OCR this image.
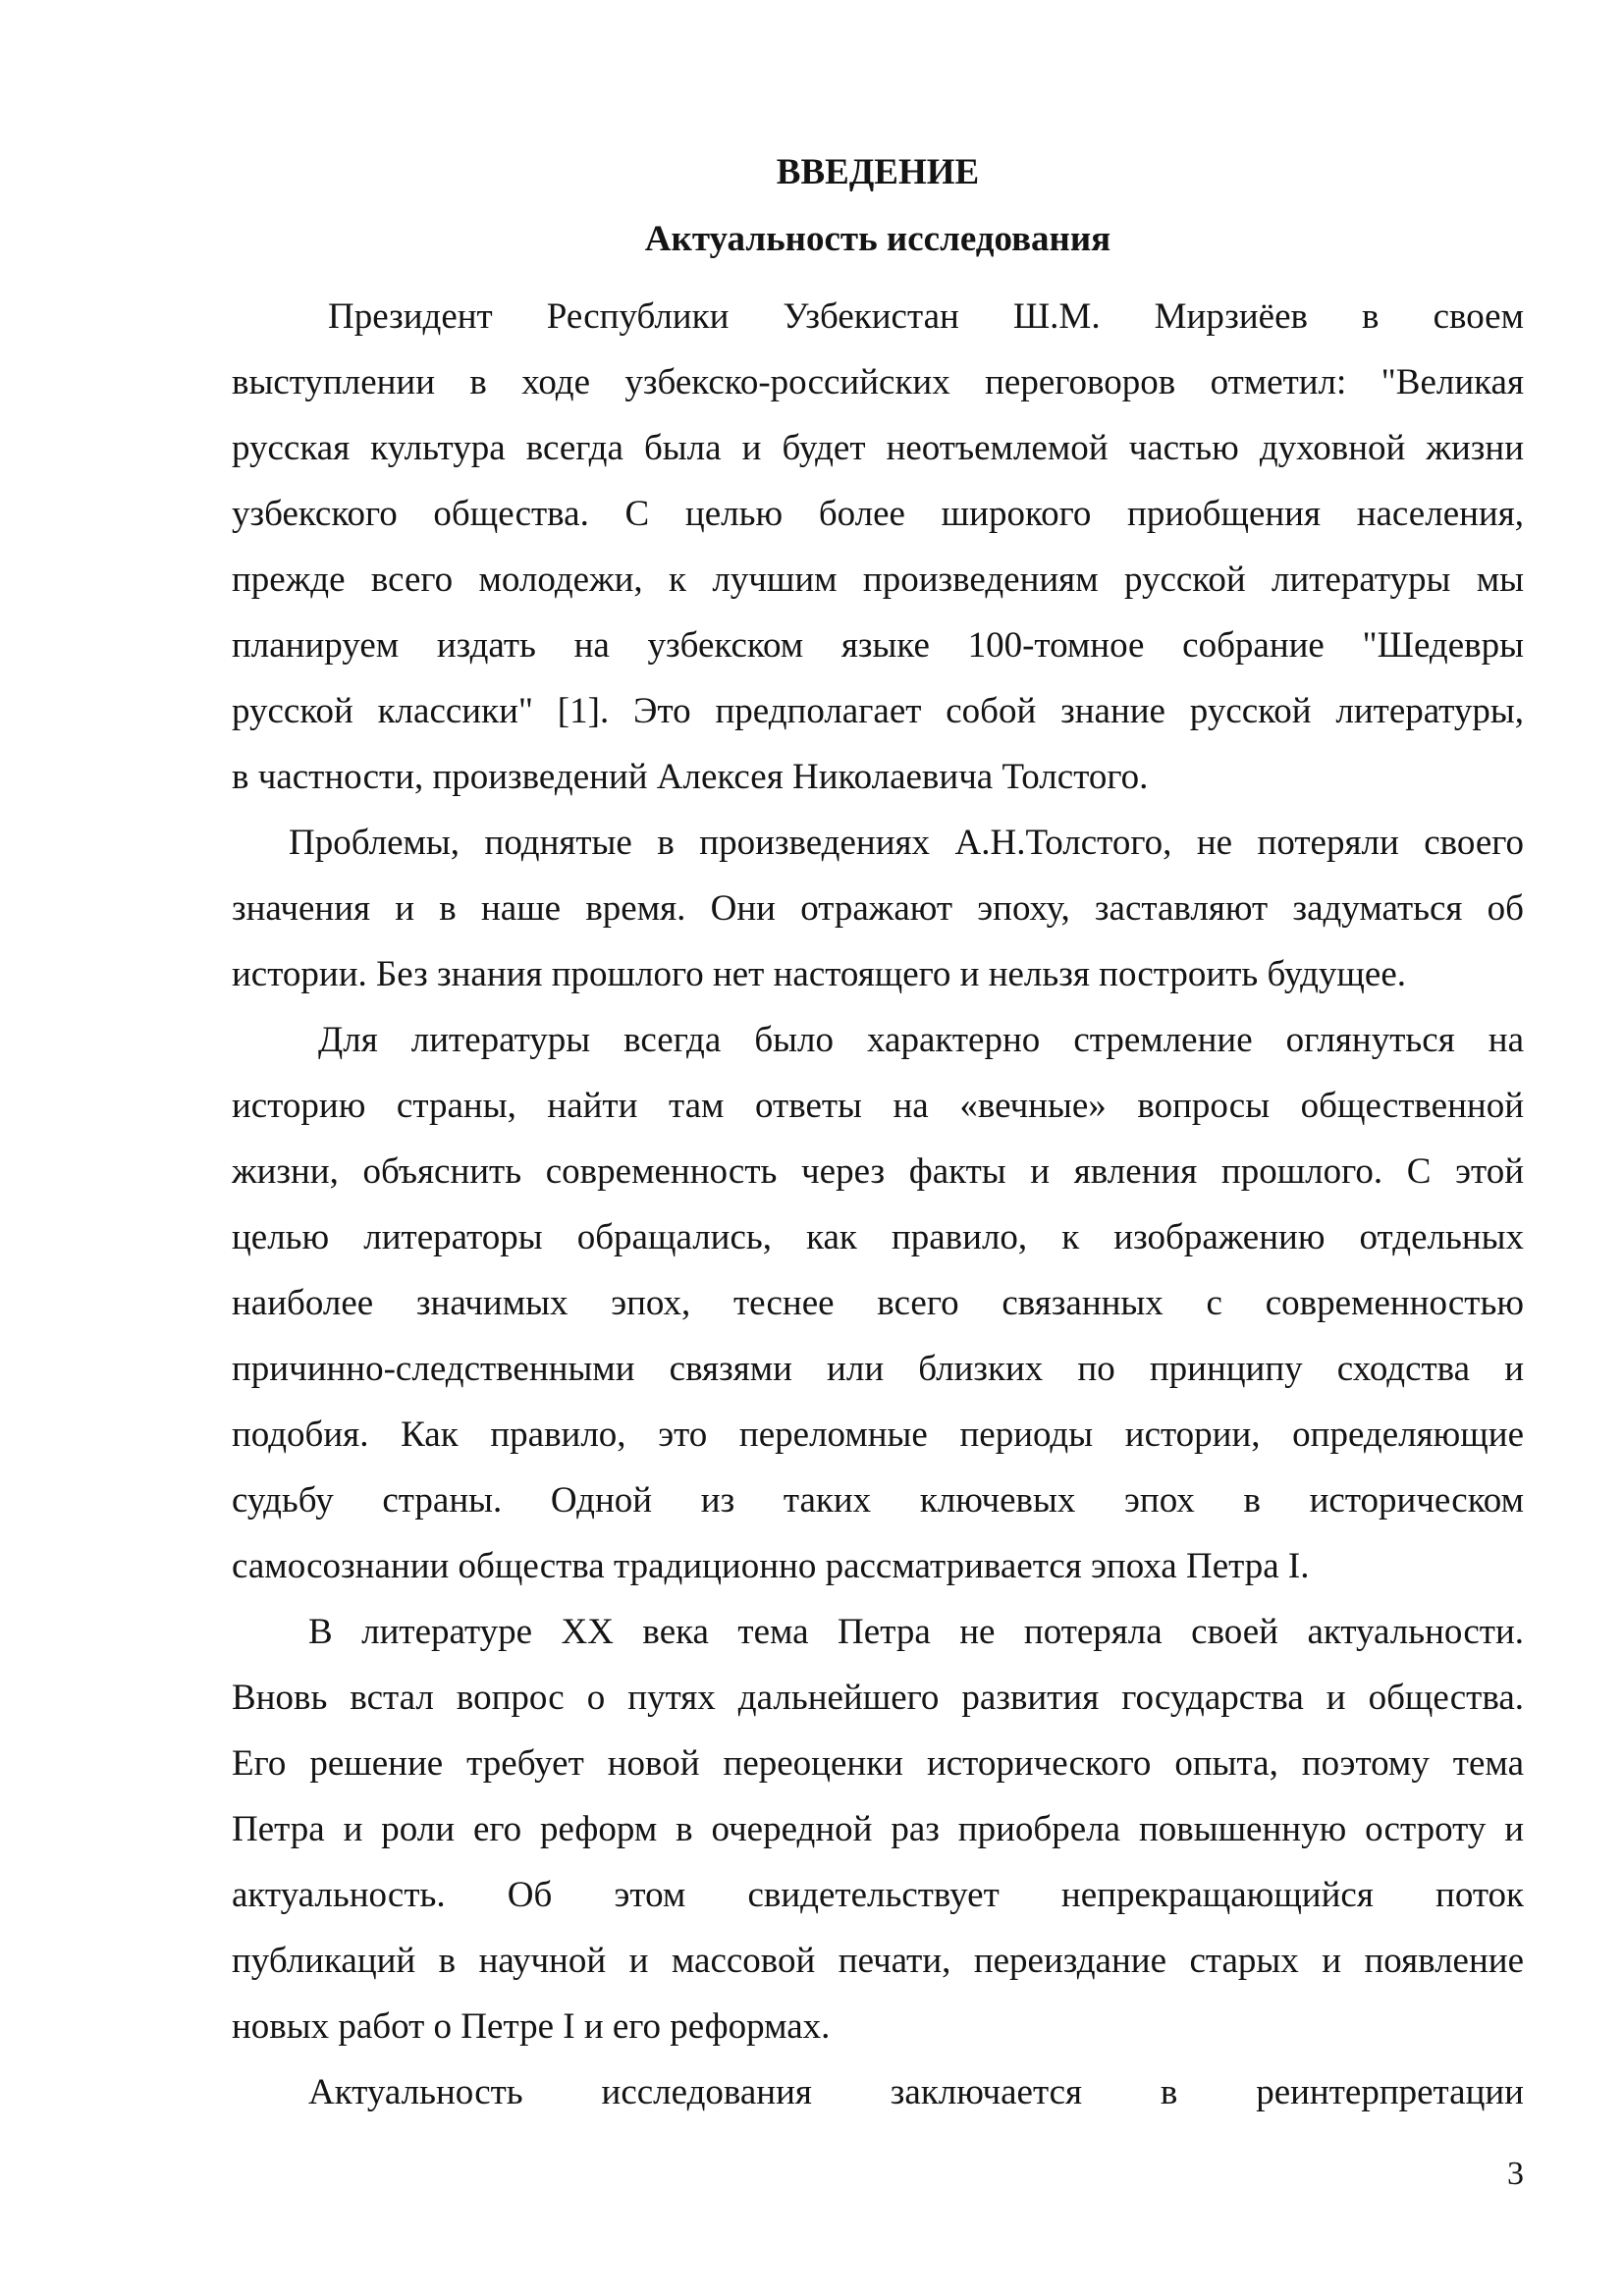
ВВЕДЕНИЕ
Актуальность исследования
Президент Республики Узбекистан Ш.М. Мирзиёев в своем
выступлении в ходе узбекско-российских переговоров отметил: "Великая
русская культура всегда была и будет неотъемлемой частью духовной жизни
узбекского общества. С целью более широкого приобщения населения,
прежде всего молодежи, к лучшим произведениям русской литературы мы
планируем издать на узбекском языке 100-томное собрание "Шедевры
русской классики" [1]. Это предполагает собой знание русской литературы,
в частности, произведений Алексея Николаевича Толстого.
Проблемы, поднятые в произведениях А.Н.Толстого, не потеряли своего
значения и в наше время. Они отражают эпоху, заставляют задуматься об
истории. Без знания прошлого нет настоящего и нельзя построить будущее.
Для литературы всегда было характерно стремление оглянуться на
историю страны, найти там ответы на «вечные» вопросы общественной
жизни, объяснить современность через факты и явления прошлого. С этой
целью литераторы обращались, как правило, к изображению отдельных
наиболее значимых эпох, теснее всего связанных с современностью
причинно-следственными связями или близких по принципу сходства и
подобия. Как правило, это переломные периоды истории, определяющие
судьбу страны. Одной из таких ключевых эпох в историческом
самосознании общества традиционно рассматривается эпоха Петра I.
В литературе XX века тема Петра не потеряла своей актуальности.
Вновь встал вопрос о путях дальнейшего развития государства и общества.
Его решение требует новой переоценки исторического опыта, поэтому тема
Петра и роли его реформ в очередной раз приобрела повышенную остроту и
актуальность. Об этом свидетельствует непрекращающийся поток
публикаций в научной и массовой печати, переиздание старых и появление
новых работ о Петре I и его реформах.
Актуальность исследования заключается в реинтерпретации
3
